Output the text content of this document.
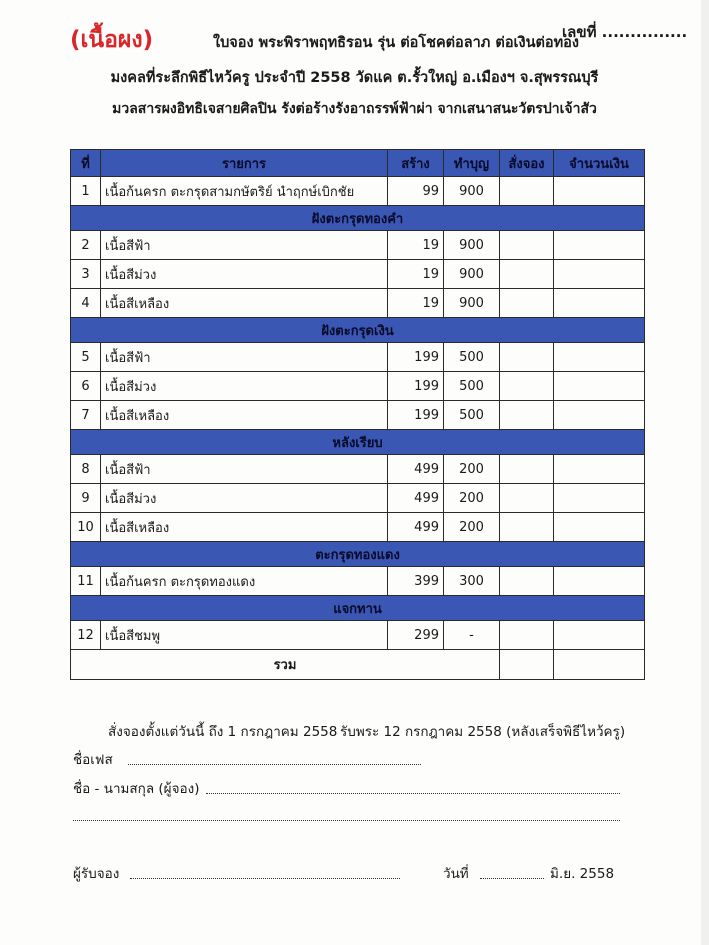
(เนื้อผง)	ใบจอง พระพิราพฤทธิรอน รุ่น ต่อโชคต่อลาภ ต่อเงินต่อทอง
เลขที่ ...............
มงคลที่ระลึกพิธีไหว้ครู ประจำปี 2558 วัดแค ต.รั้วใหญ่ อ.เมืองฯ จ.สุพรรณบุรี
มวลสารผงอิทธิเจสายศิลปิน รังต่อร้างรังอาถรรพ์ฟ้าผ่า จากเสนาสนะวัตรปาเจ้าสัว
ที่	รายการ	สร้าง	ทำบุญ	สั่งจอง	จำนวนเงิน
1	เนื้อก้นครก ตะกรุดสามกษัตริย์ นำฤกษ์เบิกชัย	99	900		
ฝังตะกรุดทองคำ					
2	เนื้อสีฟ้า	19	900		
3	เนื้อสีม่วง	19	900		
4	เนื้อสีเหลือง	19	900		
ฝังตะกรุดเงิน					
5	เนื้อสีฟ้า	199	500		
6	เนื้อสีม่วง	199	500		
7	เนื้อสีเหลือง	199	500		
หลังเรียบ					
8	เนื้อสีฟ้า	499	200		
9	เนื้อสีม่วง	499	200		
10	เนื้อสีเหลือง	499	200		
ตะกรุดทองแดง					
11	เนื้อก้นครก ตะกรุดทองแดง	399	300		
แจกทาน					
12	เนื้อสีชมพู	299	-		
รวม					
สั่งจองตั้งแต่วันนี้ ถึง 1 กรกฎาคม 2558 รับพระ 12 กรกฎาคม 2558 (หลังเสร็จพิธีไหว้ครู)
ชื่อเฟส
ชื่อ - นามสกุล (ผู้จอง)
ผู้รับจอง	วันที่	มิ.ย. 2558
